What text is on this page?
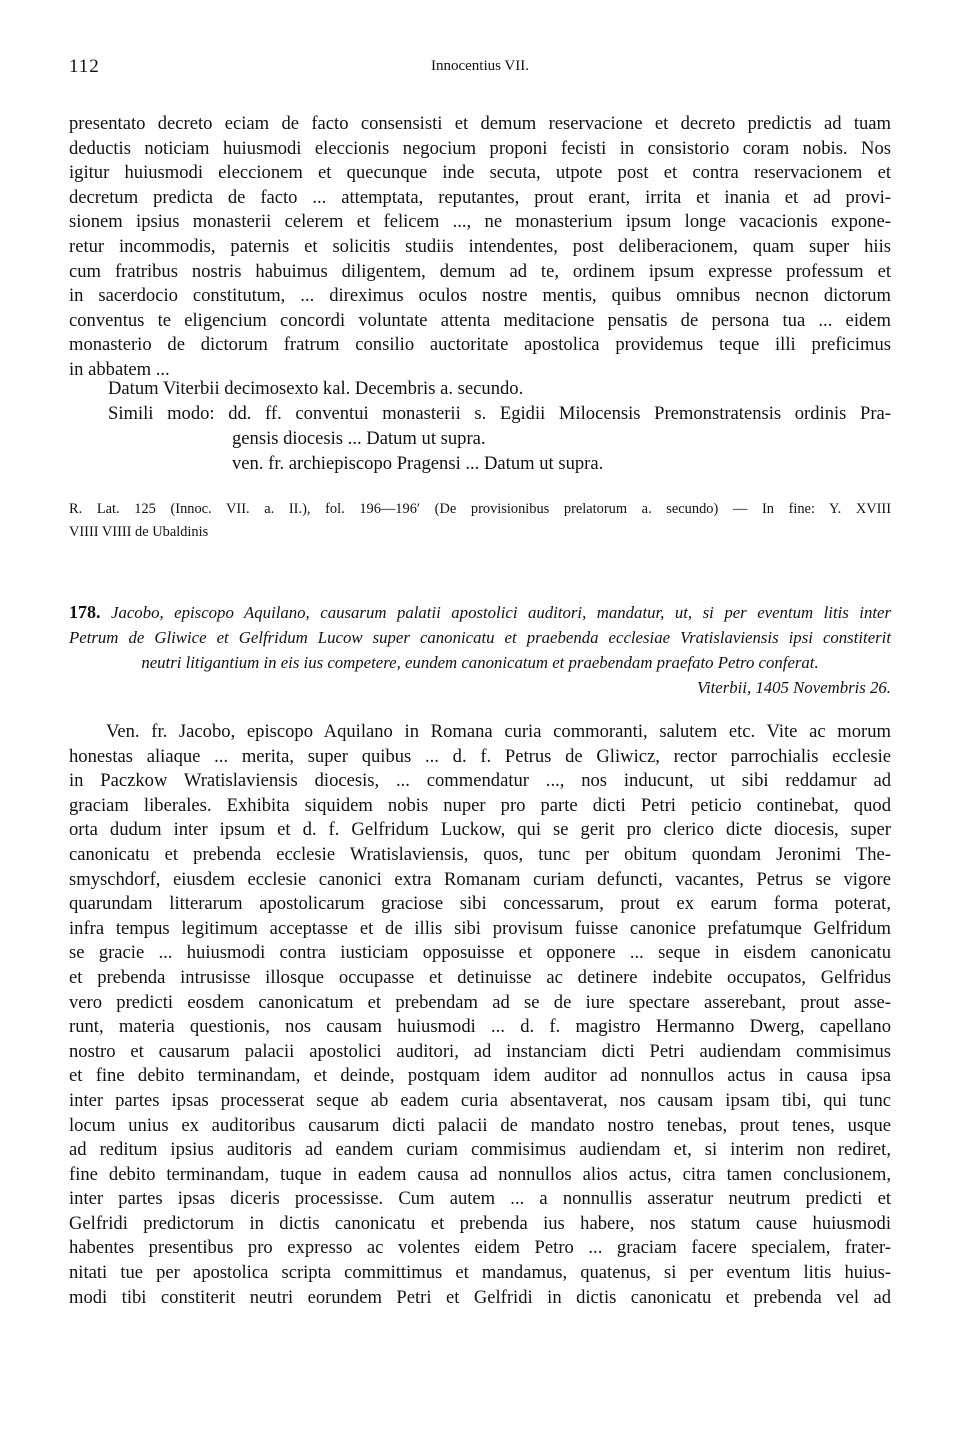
112	Innocentius VII.
presentato decreto eciam de facto consensisti et demum reservacione et decreto predictis ad tuam
deductis noticiam huiusmodi eleccionis negocium proponi fecisti in consistorio coram nobis. Nos
igitur huiusmodi eleccionem et quecunque inde secuta, utpote post et contra reservacionem et
decretum predicta de facto ... attemptata, reputantes, prout erant, irrita et inania et ad provi-
sionem ipsius monasterii celerem et felicem ..., ne monasterium ipsum longe vacacionis expone-
retur incommodis, paternis et solicitis studiis intendentes, post deliberacionem, quam super hiis
cum fratribus nostris habuimus diligentem, demum ad te, ordinem ipsum expresse professum et
in sacerdocio constitutum, ... direximus oculos nostre mentis, quibus omnibus necnon dictorum
conventus te eligencium concordi voluntate attenta meditacione pensatis de persona tua ... eidem
monasterio de dictorum fratrum consilio auctoritate apostolica providemus teque illi preficimus
in abbatem ...
Datum Viterbii decimosexto kal. Decembris a. secundo.
Simili modo: dd. ff. conventui monasterii s. Egidii Milocensis Premonstratensis ordinis Pra-
gensis diocesis ... Datum ut supra.
ven. fr. archiepiscopo Pragensi ... Datum ut supra.
R. Lat. 125 (Innoc. VII. a. II.), fol. 196—196′ (De provisionibus prelatorum a. secundo) — In fine: Y. XVIII
VIIII VIIII de Ubaldinis
178. Jacobo, episcopo Aquilano, causarum palatii apostolici auditori, mandatur, ut, si per eventum litis inter
Petrum de Gliwice et Gelfridum Lucow super canonicatu et praebenda ecclesiae Vratislaviensis ipsi constiterit
neutri litigantium in eis ius competere, eundem canonicatum et praebendam praefato Petro conferat.
Viterbii, 1405 Novembris 26.
Ven. fr. Jacobo, episcopo Aquilano in Romana curia commoranti, salutem etc. Vite ac morum
honestas aliaque ... merita, super quibus ... d. f. Petrus de Gliwicz, rector parrochialis ecclesie
in Paczkow Wratislaviensis diocesis, ... commendatur ..., nos inducunt, ut sibi reddamur ad
graciam liberales. Exhibita siquidem nobis nuper pro parte dicti Petri peticio continebat, quod
orta dudum inter ipsum et d. f. Gelfridum Luckow, qui se gerit pro clerico dicte diocesis, super
canonicatu et prebenda ecclesie Wratislaviensis, quos, tunc per obitum quondam Jeronimi The-
smyschdorf, eiusdem ecclesie canonici extra Romanam curiam defuncti, vacantes, Petrus se vigore
quarundam litterarum apostolicarum graciose sibi concessarum, prout ex earum forma poterat,
infra tempus legitimum acceptasse et de illis sibi provisum fuisse canonice prefatumque Gelfridum
se gracie ... huiusmodi contra iusticiam opposuisse et opponere ... seque in eisdem canonicatu
et prebenda intrusisse illosque occupasse et detinuisse ac detinere indebite occupatos, Gelfridus
vero predicti eosdem canonicatum et prebendam ad se de iure spectare asserebant, prout asse-
runt, materia questionis, nos causam huiusmodi ... d. f. magistro Hermanno Dwerg, capellano
nostro et causarum palacii apostolici auditori, ad instanciam dicti Petri audiendam commisimus
et fine debito terminandam, et deinde, postquam idem auditor ad nonnullos actus in causa ipsa
inter partes ipsas processerat seque ab eadem curia absentaverat, nos causam ipsam tibi, qui tunc
locum unius ex auditoribus causarum dicti palacii de mandato nostro tenebas, prout tenes, usque
ad reditum ipsius auditoris ad eandem curiam commisimus audiendam et, si interim non rediret,
fine debito terminandam, tuque in eadem causa ad nonnullos alios actus, citra tamen conclusionem,
inter partes ipsas diceris processisse. Cum autem ... a nonnullis asseratur neutrum predicti et
Gelfridi predictorum in dictis canonicatu et prebenda ius habere, nos statum cause huiusmodi
habentes presentibus pro expresso ac volentes eidem Petro ... graciam facere specialem, frater-
nitati tue per apostolica scripta committimus et mandamus, quatenus, si per eventum litis huius-
modi tibi constiterit neutri eorundem Petri et Gelfridi in dictis canonicatu et prebenda vel ad
